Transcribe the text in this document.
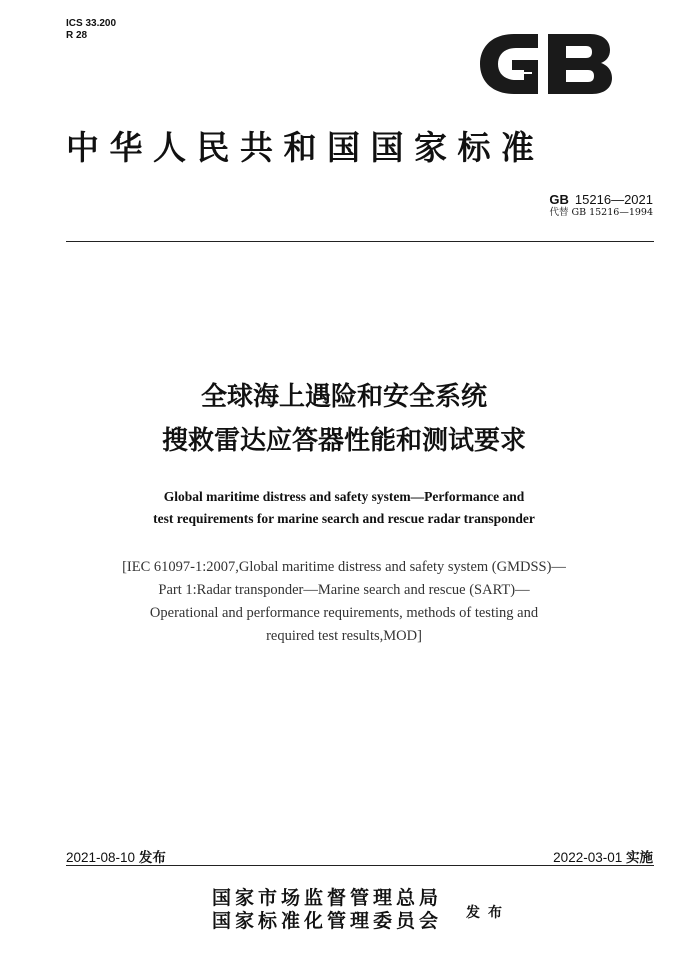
ICS 33.200
R 28
中华人民共和国国家标准
GB 15216—2021
代替 GB 15216—1994
全球海上遇险和安全系统
搜救雷达应答器性能和测试要求
Global maritime distress and safety system—Performance and
test requirements for marine search and rescue radar transponder
[IEC 61097-1:2007,Global maritime distress and safety system (GMDSS)—
Part 1:Radar transponder—Marine search and rescue (SART)—
Operational and performance requirements, methods of testing and
required test results,MOD]
2021-08-10 发布	2022-03-01 实施
国家市场监督管理总局
国家标准化管理委员会 发布
